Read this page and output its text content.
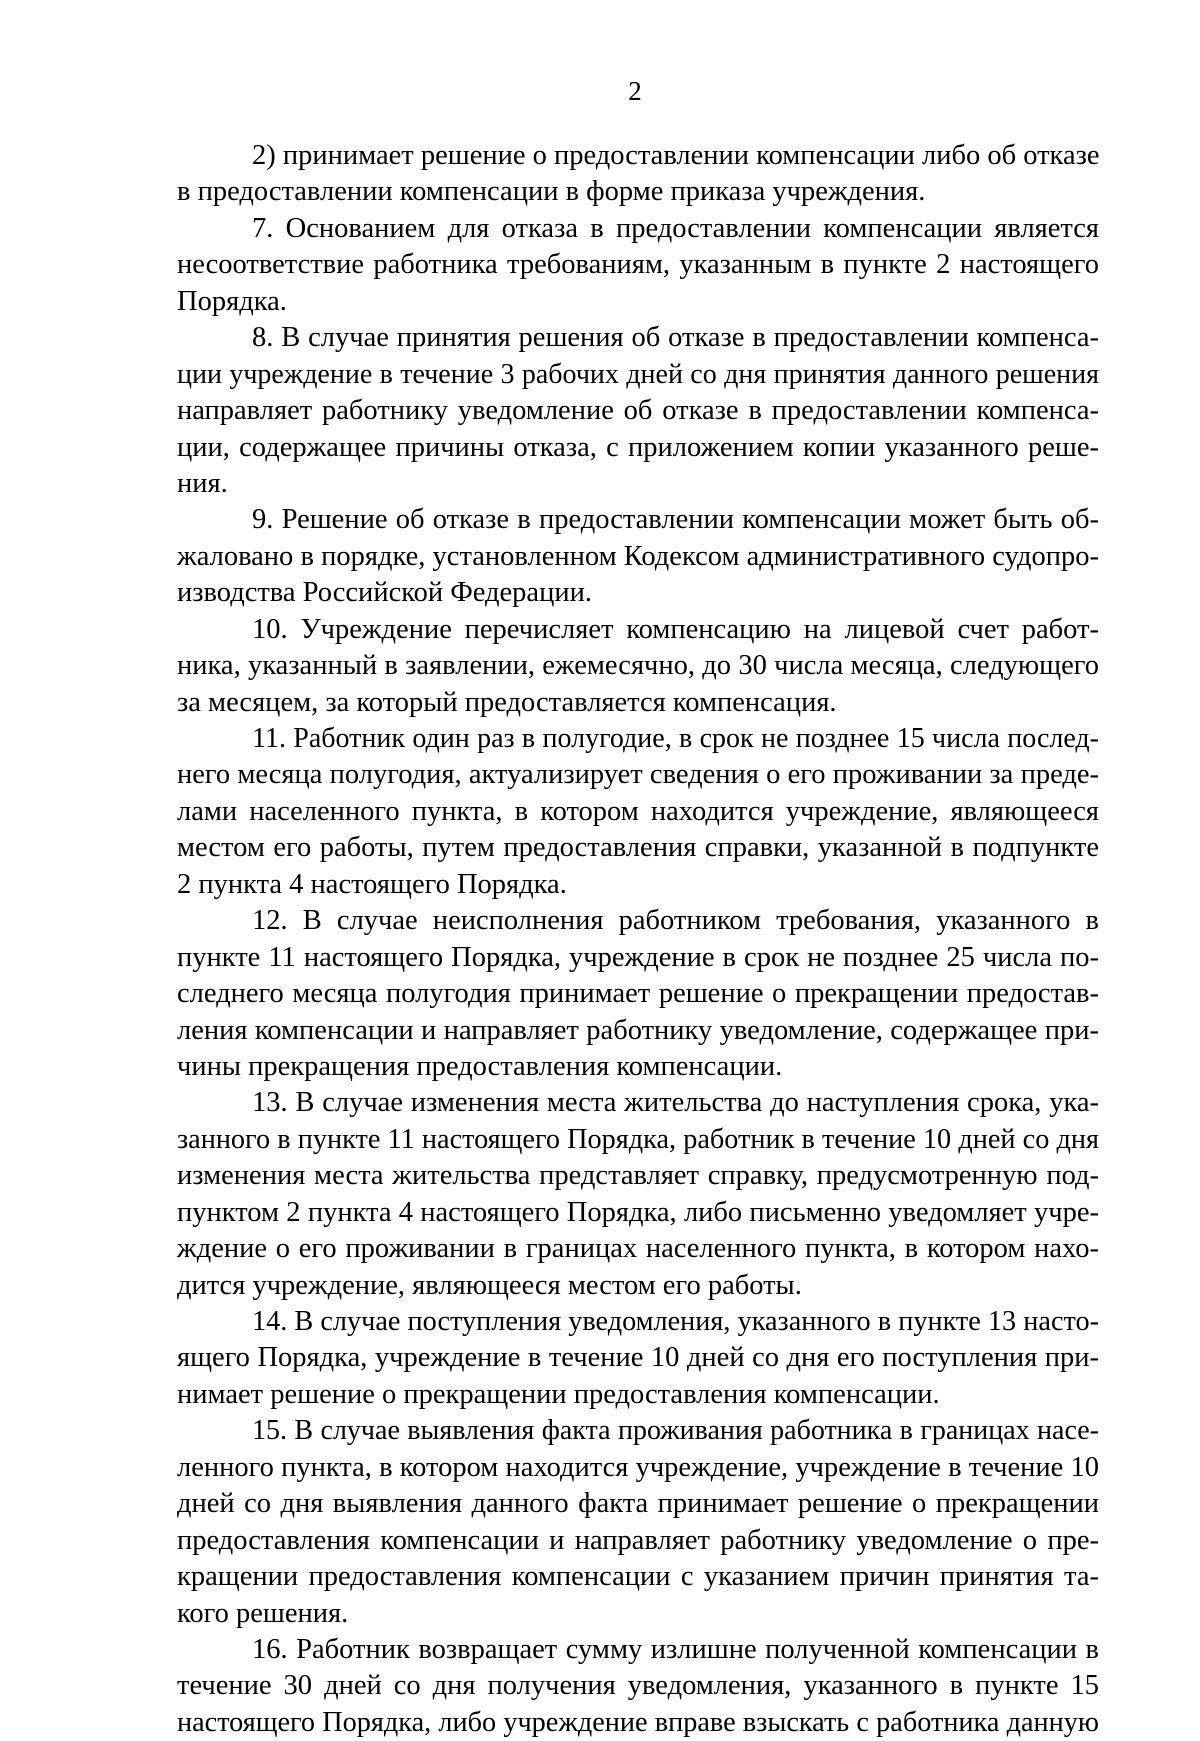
2
2) принимает решение о предоставлении компенсации либо об отказе
в предоставлении компенсации в форме приказа учреждения.
7. Основанием для отказа в предоставлении компенсации является
несоответствие работника требованиям, указанным в пункте 2 настоящего
Порядка.
8. В случае принятия решения об отказе в предоставлении компенса-
ции учреждение в течение 3 рабочих дней со дня принятия данного решения
направляет работнику уведомление об отказе в предоставлении компенса-
ции, содержащее причины отказа, с приложением копии указанного реше-
ния.
9. Решение об отказе в предоставлении компенсации может быть об-
жаловано в порядке, установленном Кодексом административного судопро-
изводства Российской Федерации.
10. Учреждение перечисляет компенсацию на лицевой счет работ-
ника, указанный в заявлении, ежемесячно, до 30 числа месяца, следующего
за месяцем, за который предоставляется компенсация.
11. Работник один раз в полугодие, в срок не позднее 15 числа послед-
него месяца полугодия, актуализирует сведения о его проживании за преде-
лами населенного пункта, в котором находится учреждение, являющееся
местом его работы, путем предоставления справки, указанной в подпункте
2 пункта 4 настоящего Порядка.
12. В случае неисполнения работником требования, указанного в
пункте 11 настоящего Порядка, учреждение в срок не позднее 25 числа по-
следнего месяца полугодия принимает решение о прекращении предостав-
ления компенсации и направляет работнику уведомление, содержащее при-
чины прекращения предоставления компенсации.
13. В случае изменения места жительства до наступления срока, ука-
занного в пункте 11 настоящего Порядка, работник в течение 10 дней со дня
изменения места жительства представляет справку, предусмотренную под-
пунктом 2 пункта 4 настоящего Порядка, либо письменно уведомляет учре-
ждение о его проживании в границах населенного пункта, в котором нахо-
дится учреждение, являющееся местом его работы.
14. В случае поступления уведомления, указанного в пункте 13 насто-
ящего Порядка, учреждение в течение 10 дней со дня его поступления при-
нимает решение о прекращении предоставления компенсации.
15. В случае выявления факта проживания работника в границах насе-
ленного пункта, в котором находится учреждение, учреждение в течение 10
дней со дня выявления данного факта принимает решение о прекращении
предоставления компенсации и направляет работнику уведомление о пре-
кращении предоставления компенсации с указанием причин принятия та-
кого решения.
16. Работник возвращает сумму излишне полученной компенсации в
течение 30 дней со дня получения уведомления, указанного в пункте 15
настоящего Порядка, либо учреждение вправе взыскать с работника данную
